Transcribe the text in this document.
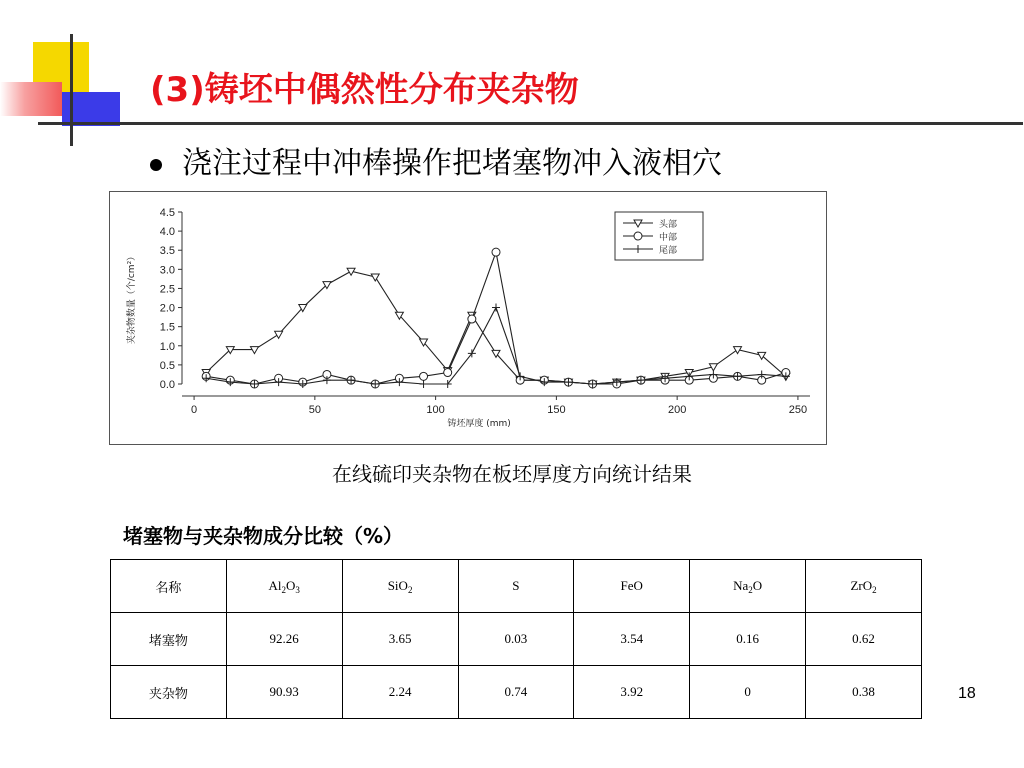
(3)铸坯中偶然性分布夹杂物
浇注过程中冲棒操作把堵塞物冲入液相穴
0.0
0.5
1.0
1.5
2.0
2.5
3.0
3.5
4.0
4.5
0	50	100	150	200	250
铸坯厚度 (mm)
夹杂物数量（个/cm²）
头部
中部
尾部
在线硫印夹杂物在板坯厚度方向统计结果
堵塞物与夹杂物成分比较（%）
名称	$Al_2O_3$	SiO$_2$	S	FeO	$Na_2O$	ZrO$_2$
堵塞物	92.26	3.65	0.03	3.54	0.16	0.62
夹杂物	90.93	2.24	0.74	3.92	0	0.38	18
